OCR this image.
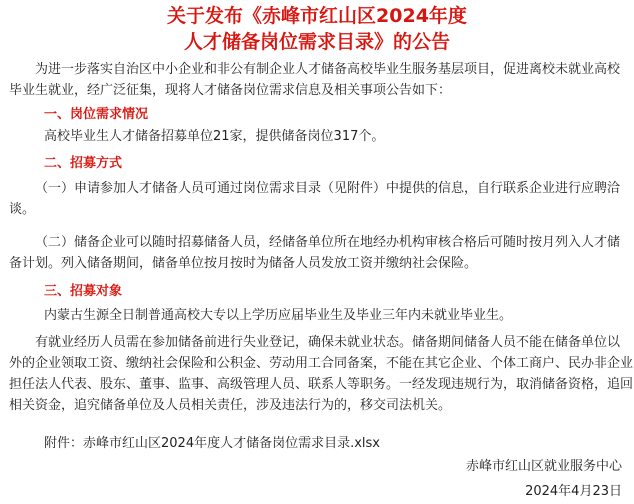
关于发布《赤峰市红山区2024年度
人才储备岗位需求目录》的公告
为进一步落实自治区中小企业和非公有制企业人才储备高校毕业生服务基层项目，促进离校未就业高校
毕业生就业，经广泛征集，现将人才储备岗位需求信息及相关事项公告如下：
一、岗位需求情况
高校毕业生人才储备招募单位21家，提供储备岗位317个。
二、招募方式
（一）申请参加人才储备人员可通过岗位需求目录（见附件）中提供的信息，自行联系企业进行应聘洽
谈。
（二）储备企业可以随时招募储备人员，经储备单位所在地经办机构审核合格后可随时按月列入人才储
备计划。列入储备期间，储备单位按月按时为储备人员发放工资并缴纳社会保险。
三、招募对象
内蒙古生源全日制普通高校大专以上学历应届毕业生及毕业三年内未就业毕业生。
有就业经历人员需在参加储备前进行失业登记，确保未就业状态。储备期间储备人员不能在储备单位以
外的企业领取工资、缴纳社会保险和公积金、劳动用工合同备案，不能在其它企业、个体工商户、民办非企业
担任法人代表、股东、董事、监事、高级管理人员、联系人等职务。一经发现违规行为，取消储备资格，追回
相关资金，追究储备单位及人员相关责任，涉及违法行为的，移交司法机关。
附件：赤峰市红山区2024年度人才储备岗位需求目录.xlsx
赤峰市红山区就业服务中心
2024年4月23日
